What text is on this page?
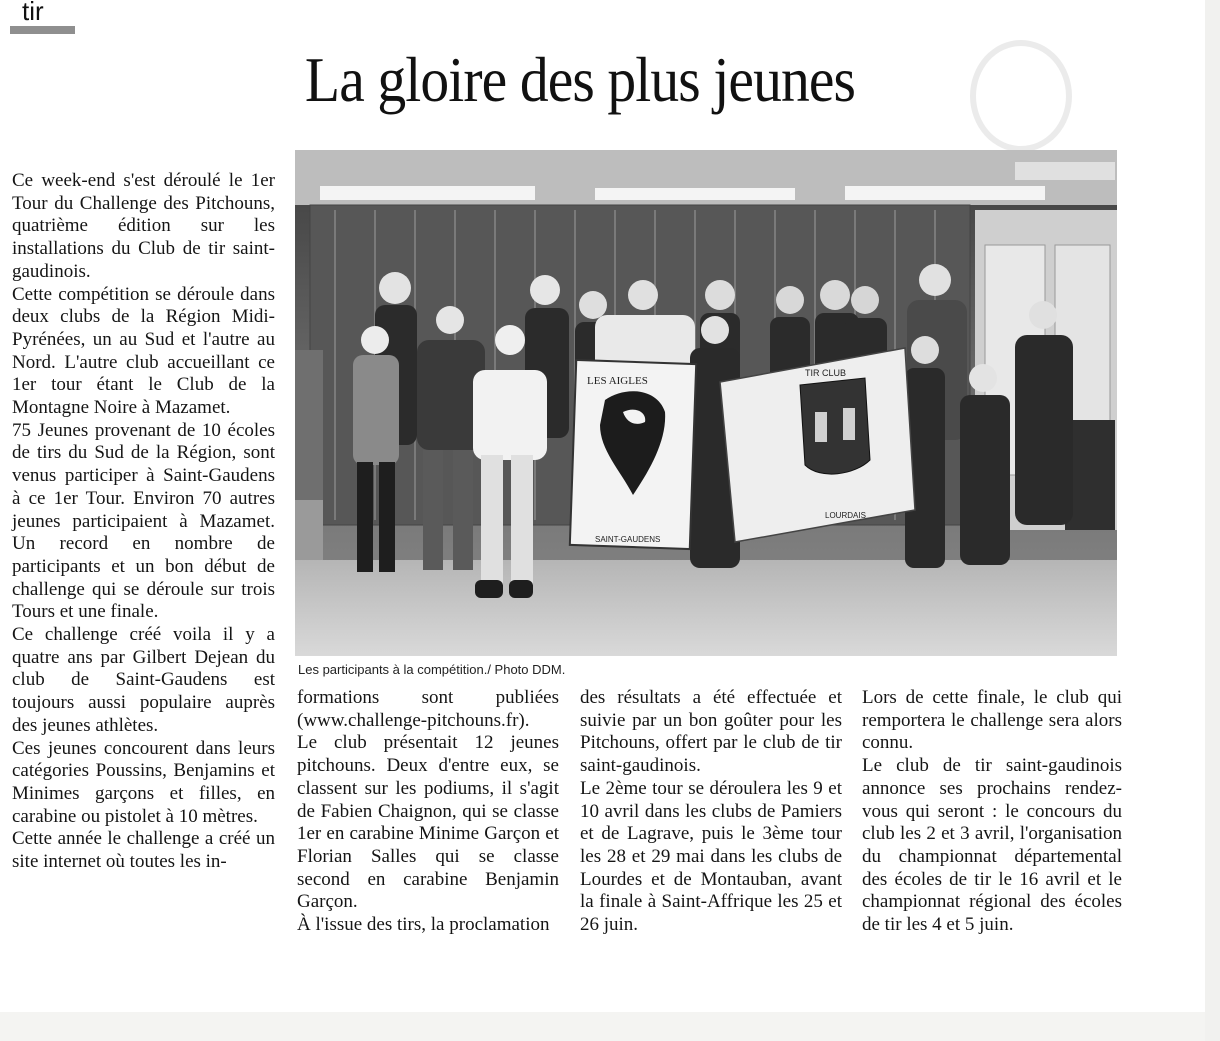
tir
La gloire des plus jeunes

Ce week-end s'est déroulé le 1er Tour du Challenge des Pitchouns, quatrième édition sur les installations du Club de tir saint-gaudinois.

Cette compétition se déroule dans deux clubs de la Région Midi-Pyrénées, un au Sud et l'autre au Nord. L'autre club accueillant ce 1er tour étant le Club de la Montagne Noire à Mazamet.

75 Jeunes provenant de 10 écoles de tirs du Sud de la Région, sont venus participer à Saint-Gaudens à ce 1er Tour. Environ 70 autres jeunes participaient à Mazamet. Un record en nombre de participants et un bon début de challenge qui se déroule sur trois Tours et une finale.

Ce challenge créé voila il y a quatre ans par Gilbert Dejean du club de Saint-Gaudens est toujours aussi populaire auprès des jeunes athlètes.

Ces jeunes concourent dans leurs catégories Poussins, Benjamins et Minimes garçons et filles, en carabine ou pistolet à 10 mètres.

Cette année le challenge a créé un site internet où toutes les in-

LES AIGLES
SAINT-GAUDENS
TIR CLUB
LOURDAIS
Les participants à la compétition./ Photo DDM.

formations sont publiées (www.challenge-pitchouns.fr).

Le club présentait 12 jeunes pitchouns. Deux d'entre eux, se classent sur les podiums, il s'agit de Fabien Chaignon, qui se classe 1er en carabine Minime Garçon et Florian Salles qui se classe second en carabine Benjamin Garçon.

À l'issue des tirs, la proclamation

des résultats a été effectuée et suivie par un bon goûter pour les Pitchouns, offert par le club de tir saint-gaudinois.

Le 2ème tour se déroulera les 9 et 10 avril dans les clubs de Pamiers et de Lagrave, puis le 3ème tour les 28 et 29 mai dans les clubs de Lourdes et de Montauban, avant la finale à Saint-Affrique les 25 et 26 juin.

Lors de cette finale, le club qui remportera le challenge sera alors connu.

Le club de tir saint-gaudinois annonce ses prochains rendez-vous qui seront : le concours du club les 2 et 3 avril, l'organisation du championnat départemental des écoles de tir le 16 avril et le championnat régional des écoles de tir les 4 et 5 juin.
